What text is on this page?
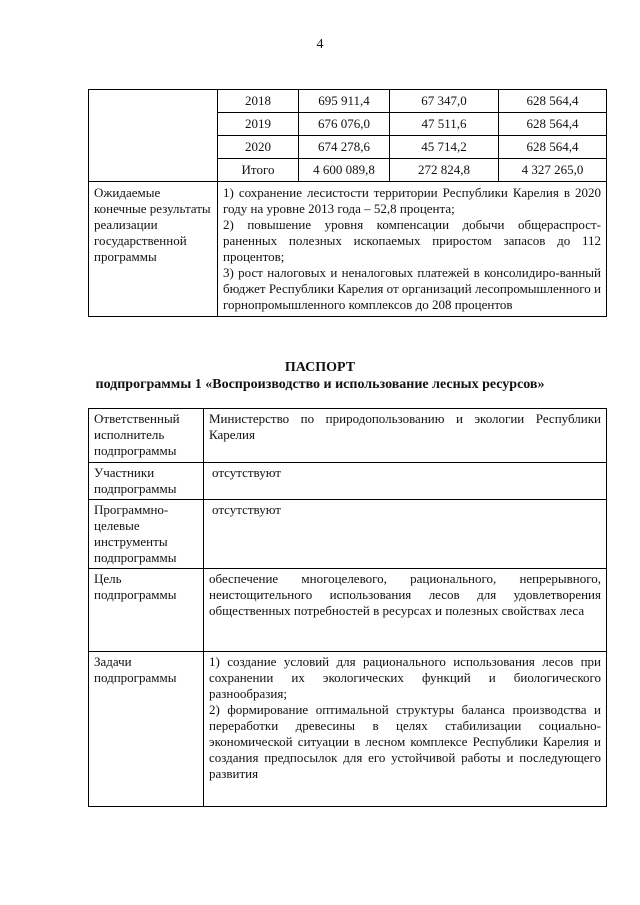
4
	2018	695 911,4	67 347,0	628 564,4
	2019	676 076,0	47 511,6	628 564,4
	2020	674 278,6	45 714,2	628 564,4
	Итого	4 600 089,8	272 824,8	4 327 265,0
Ожидаемые конечные результаты реализации государственной программы	1) сохранение лесистости территории Республики Карелия в 2020 году на уровне 2013 года – 52,8 процента;
2) повышение уровня компенсации добычи общераспрост-раненных полезных ископаемых приростом запасов до 112 процентов;
3) рост налоговых и неналоговых платежей в консолидиро-ванный бюджет Республики Карелия от организаций лесопромышленного и горнопромышленного комплексов до 208 процентов			
ПАСПОРТ
подпрограммы 1 «Воспроизводство и использование лесных ресурсов»
Ответственный исполнитель подпрограммы	Министерство по природопользованию и экологии Республики Карелия
Участники подпрограммы	отсутствуют
Программно-целевые инструменты подпрограммы	отсутствуют
Цель подпрограммы	обеспечение многоцелевого, рационального, непрерывного, неистощительного использования лесов для удовлетворения общественных потребностей в ресурсах и полезных свойствах леса
Задачи подпрограммы	1) создание условий для рационального использования лесов при сохранении их экологических функций и биологического разнообразия;
2) формирование оптимальной структуры баланса производства и переработки древесины в целях стабилизации социально-экономической ситуации в лесном комплексе Республики Карелия и создания предпосылок для его устойчивой работы и последующего развития
